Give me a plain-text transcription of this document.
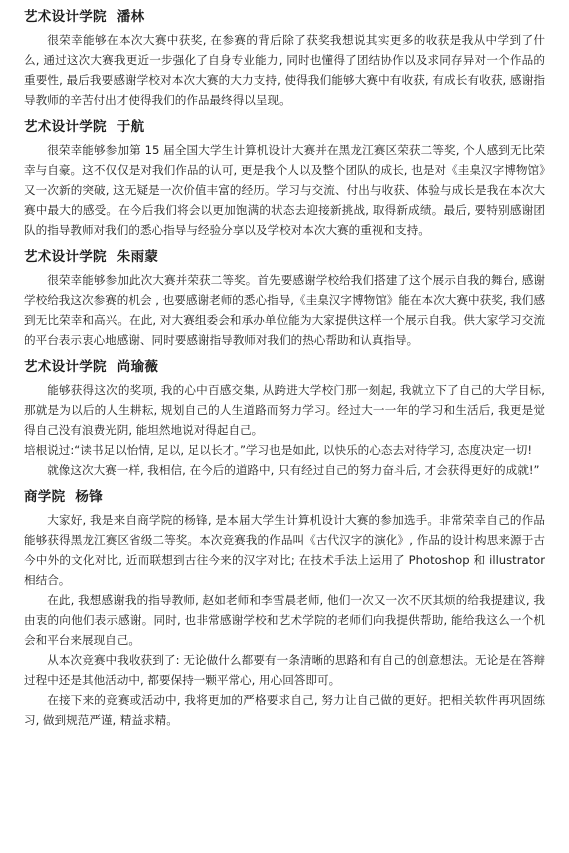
艺术设计学院  潘林

很荣幸能够在本次大赛中获奖, 在参赛的背后除了获奖我想说其实更多的收获是我从中学到了什么, 通过这次大赛我更近一步强化了自身专业能力, 同时也懂得了团结协作以及求同存异对一个作品的重要性, 最后我要感谢学校对本次大赛的大力支持, 使得我们能够大赛中有收获, 有成长有收获, 感谢指导教师的辛苦付出才使得我们的作品最终得以呈现。

艺术设计学院  于航

很荣幸能够参加第 15 届全国大学生计算机设计大赛并在黑龙江赛区荣获二等奖, 个人感到无比荣幸与自豪。这不仅仅是对我们作品的认可, 更是我个人以及整个团队的成长, 也是对《圭臬汉字博物馆》又一次新的突破, 这无疑是一次价值丰富的经历。学习与交流、付出与收获、体验与成长是我在本次大赛中最大的感受。在今后我们将会以更加饱满的状态去迎接新挑战, 取得新成绩。最后, 要特别感谢团队的指导教师对我们的悉心指导与经验分享以及学校对本次大赛的重视和支持。

艺术设计学院  朱雨蒙

很荣幸能够参加此次大赛并荣获二等奖。首先要感谢学校给我们搭建了这个展示自我的舞台, 感谢学校给我这次参赛的机会 , 也要感谢老师的悉心指导,《圭臬汉字博物馆》能在本次大赛中获奖, 我们感到无比荣幸和高兴。在此, 对大赛组委会和承办单位能为大家提供这样一个展示自我。供大家学习交流的平台表示衷心地感谢、同时要感谢指导教师对我们的热心帮助和认真指导。

艺术设计学院  尚瑜薇

能够获得这次的奖项, 我的心中百感交集, 从跨进大学校门那一刻起, 我就立下了自己的大学目标, 那就是为以后的人生耕耘, 规划自己的人生道路而努力学习。经过大一一年的学习和生活后, 我更是觉得自己没有浪费光阴, 能坦然地说对得起自己。

培根说过:“读书足以怡情, 足以, 足以长才。”学习也是如此, 以快乐的心态去对待学习, 态度决定一切!

就像这次大赛一样, 我相信, 在今后的道路中, 只有经过自己的努力奋斗后, 才会获得更好的成就!”

商学院  杨锋

大家好, 我是来自商学院的杨锋, 是本届大学生计算机设计大赛的参加选手。非常荣幸自己的作品能够获得黑龙江赛区省级二等奖。本次竞赛我的作品叫《古代汉字的演化》, 作品的设计构思来源于古今中外的文化对比, 近而联想到古往今来的汉字对比; 在技术手法上运用了 Photoshop 和 illustrator 相结合。

在此, 我想感谢我的指导教师, 赵如老师和李雪晨老师, 他们一次又一次不厌其烦的给我提建议, 我由衷的向他们表示感谢。同时, 也非常感谢学校和艺术学院的老师们向我提供帮助, 能给我这么一个机会和平台来展现自己。

从本次竞赛中我收获到了: 无论做什么都要有一条清晰的思路和有自己的创意想法。无论是在答辩过程中还是其他活动中, 都要保持一颗平常心, 用心回答即可。

在接下来的竞赛或活动中, 我将更加的严格要求自己, 努力让自己做的更好。把相关软件再巩固练习, 做到规范严谨, 精益求精。
